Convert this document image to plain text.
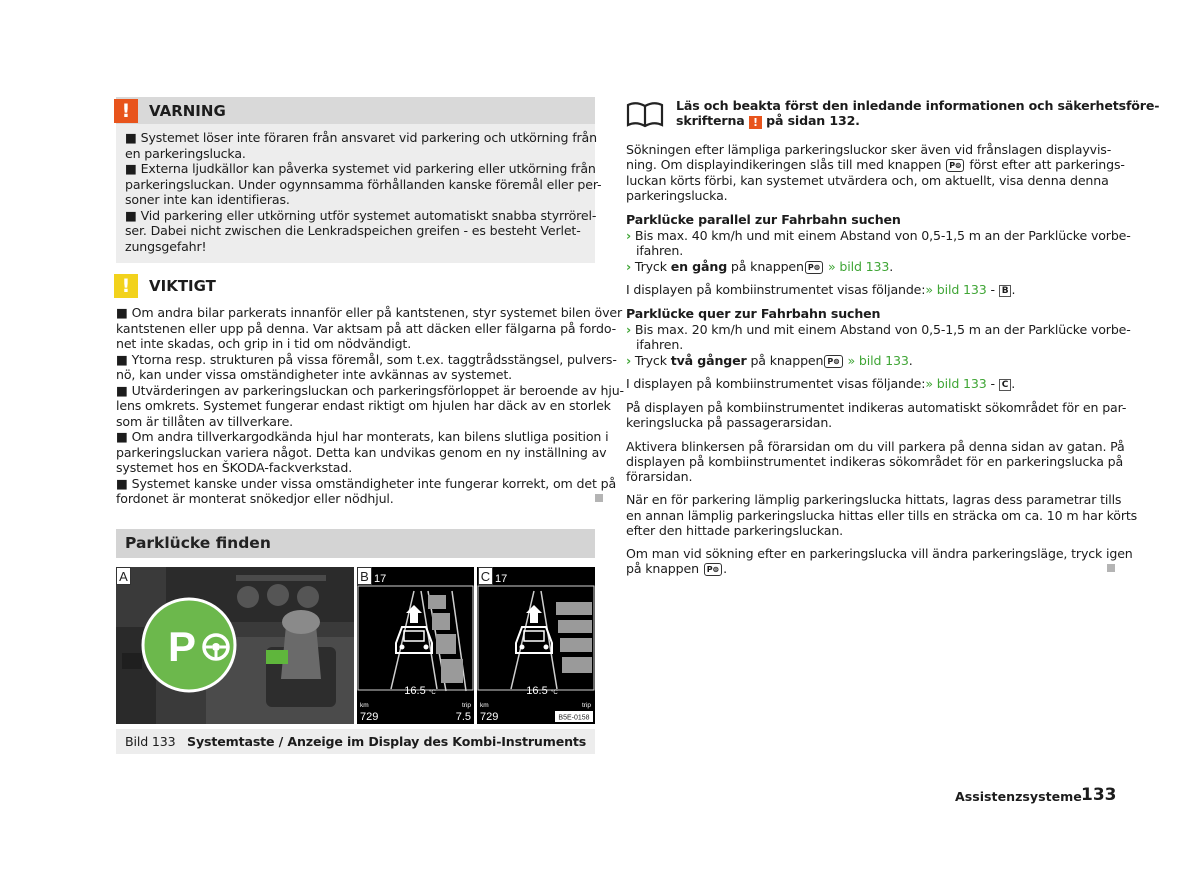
!	VARNING
■ Systemet löser inte föraren från ansvaret vid parkering och utkörning från
en parkeringslucka.
■ Externa ljudkällor kan påverka systemet vid parkering eller utkörning från
parkeringsluckan. Under ogynnsamma förhållanden kanske föremål eller per-
soner inte kan identifieras.
■ Vid parkering eller utkörning utför systemet automatiskt snabba styrrörel-
ser. Dabei nicht zwischen die Lenkradspeichen greifen - es besteht Verlet-
zungsgefahr!
!	VIKTIGT
■ Om andra bilar parkerats innanför eller på kantstenen, styr systemet bilen över
kantstenen eller upp på denna. Var aktsam på att däcken eller fälgarna på fordo-
net inte skadas, och grip in i tid om nödvändigt.
■ Ytorna resp. strukturen på vissa föremål, som t.ex. taggtrådsstängsel, pulvers-
nö, kan under vissa omständigheter inte avkännas av systemet.
■ Utvärderingen av parkeringsluckan och parkeringsförloppet är beroende av hju-
lens omkrets. Systemet fungerar endast riktigt om hjulen har däck av en storlek
som är tillåten av tillverkare.
■ Om andra tillverkargodkända hjul har monterats, kan bilens slutliga position i
parkeringsluckan variera något. Detta kan undvikas genom en ny inställning av
systemet hos en ŠKODA-fackverkstad.
■ Systemet kanske under vissa omständigheter inte fungerar korrekt, om det på
fordonet är monterat snökedjor eller nödhjul.
Parklücke finden
P
A	B 17
16.5 °C
km	trip
729	7.5
C 17
16.5 °C
km	trip
729	B5E-0158
Bild 133 Systemtaste / Anzeige im Display des Kombi-Instruments
Läs och beakta först den inledande informationen och säkerhetsföre-
skrifterna ! på sidan 132.
Sökningen efter lämpliga parkeringsluckor sker även vid frånslagen displayvis-
ning. Om displayindikeringen slås till med knappen P⊜ först efter att parkerings-
luckan körts förbi, kan systemet utvärdera och, om aktuellt, visa denna denna
parkeringslucka.
Parklücke parallel zur Fahrbahn suchen
› Bis max. 40 km/h und mit einem Abstand von 0,5-1,5 m an der Parklücke vorbe-
ifahren.
› Tryck en gång på knappen P⊜ » bild 133.
I displayen på kombiinstrumentet visas följande:» bild 133 - B .
Parklücke quer zur Fahrbahn suchen
› Bis max. 20 km/h und mit einem Abstand von 0,5-1,5 m an der Parklücke vorbe-
ifahren.
› Tryck två gånger på knappen P⊜ » bild 133.
I displayen på kombiinstrumentet visas följande:» bild 133 - C .
På displayen på kombiinstrumentet indikeras automatiskt sökområdet för en par-
keringslucka på passagerarsidan.
Aktivera blinkersen på förarsidan om du vill parkera på denna sidan av gatan. På
displayen på kombiinstrumentet indikeras sökområdet för en parkeringslucka på
förarsidan.
När en för parkering lämplig parkeringslucka hittats, lagras dess parametrar tills
en annan lämplig parkeringslucka hittas eller tills en sträcka om ca. 10 m har körts
efter den hittade parkeringsluckan.
Om man vid sökning efter en parkeringslucka vill ändra parkeringsläge, tryck igen
på knappen P⊜ .
Assistenzsysteme 133
